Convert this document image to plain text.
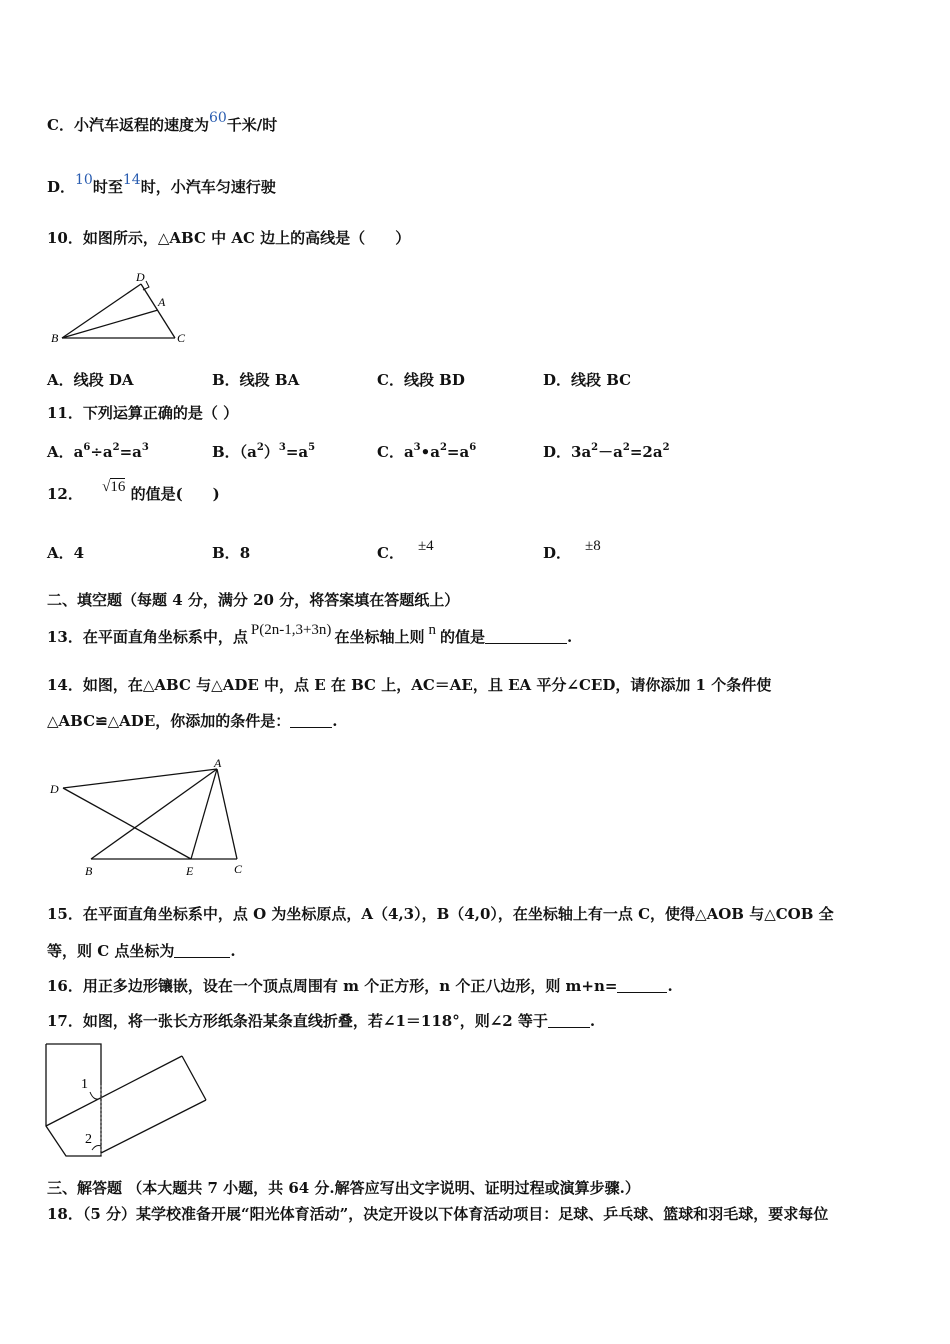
C．小汽车返程的速度为60千米/时
D．10时至14时，小汽车匀速行驶
10．如图所示，△ABC 中 AC 边上的高线是（　　）
D
A
B	C
A．线段 DA	B．线段 BA	C．线段 BD	D．线段 BC
11．下列运算正确的是（ ）
A．$a^6\div a^2=a^3$	B．$(a^2)^3=a^5$	C．$a^3•a^2=a^6$	D．$3a^2-a^2=2a^2$
12． √16 的值是(　　)
A．4	B．8	C． ±4	D． ±8
二、填空题（每题 4 分，满分 20 分，将答案填在答题纸上）
13．在平面直角坐标系中，点 P(2n-1,3+3n) 在坐标轴上则 n 的值是	.
14．如图，在△ABC 与△ADE 中，点 E 在 BC 上，AC＝AE，且 EA 平分∠CED，请你添加 1 个条件使
△ABC≌△ADE，你添加的条件是：	.
A
D
B	E	C
15．在平面直角坐标系中，点 O 为坐标原点，A（4,3），B（4,0），在坐标轴上有一点 C，使得△AOB 与△COB 全
等，则 C 点坐标为	.
16．用正多边形镶嵌，设在一个顶点周围有 m 个正方形，n 个正八边形，则 m+n=	.
17．如图，将一张长方形纸条沿某条直线折叠，若∠1＝118°，则∠2 等于	.
1
2
三、解答题 （本大题共 7 小题，共 64 分.解答应写出文字说明、证明过程或演算步骤.）
18．（5 分）某学校准备开展“阳光体育活动”，决定开设以下体育活动项目：足球、乒乓球、篮球和羽毛球，要求每位
